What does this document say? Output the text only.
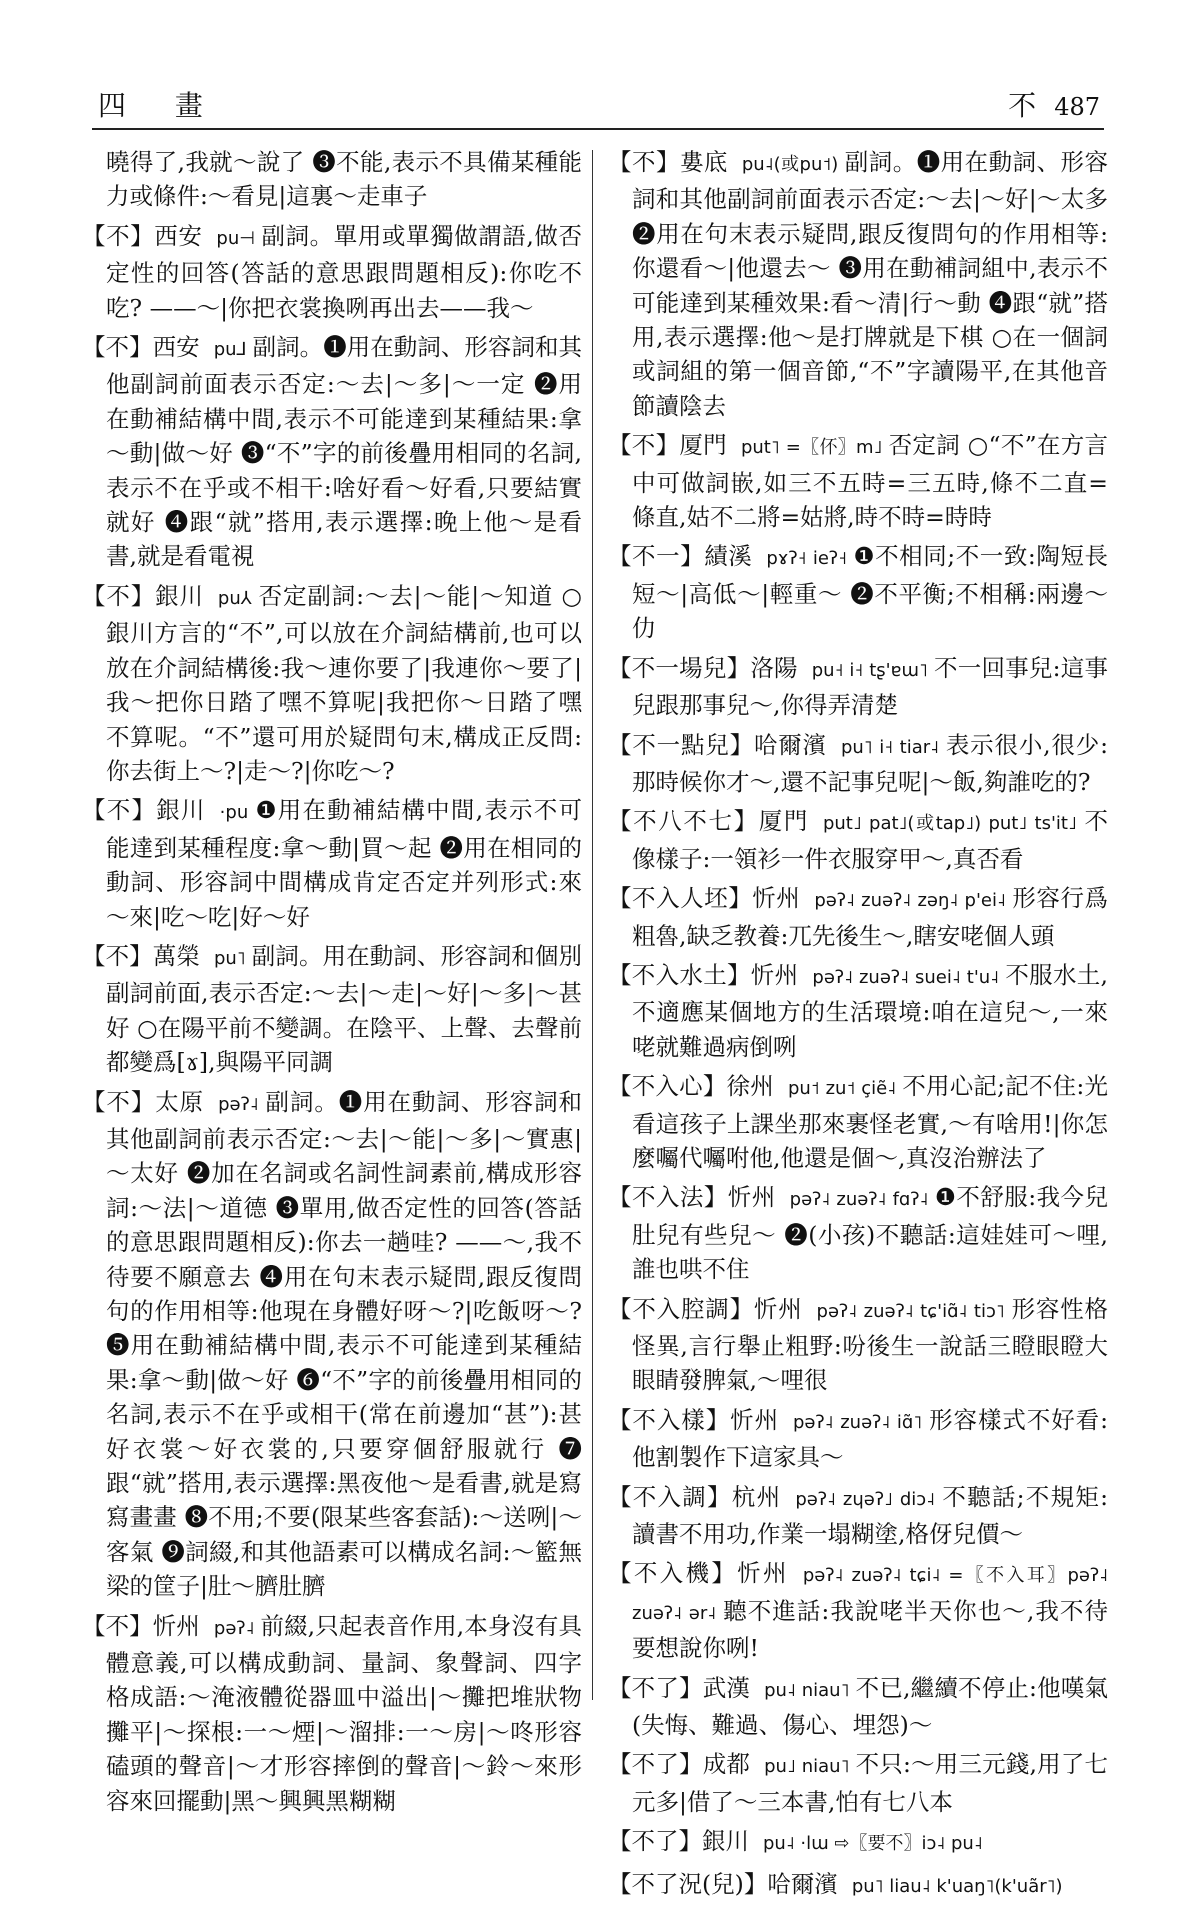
四 畫	不 487
曉得了,我就～說了 ❸不能,表示不具備某種能力或條件:～看見|這裏～走車子
【不】西安 pu⊣ 副詞。單用或單獨做謂語,做否定性的回答(答話的意思跟問題相反):你吃不吃? ——～|你把衣裳換咧再出去——我～
【不】西安 pu⅃ 副詞。❶用在動詞、形容詞和其他副詞前面表示否定:～去|～多|～一定 ❷用在動補結構中間,表示不可能達到某種結果:拿～動|做～好 ❸“不”字的前後疊用相同的名詞,表示不在乎或不相干:啥好看～好看,只要結實就好 ❹跟“就”搭用,表示選擇:晚上他～是看書,就是看電視
【不】銀川 pu⅄ 否定副詞:～去|～能|～知道 ○銀川方言的“不”,可以放在介詞結構前,也可以放在介詞結構後:我～連你要了|我連你～要了|我～把你日踏了嘿不算呢|我把你～日踏了嘿不算呢。“不”還可用於疑問句末,構成正反問:你去街上～?|走～?|你吃～?
【不】銀川 ·pu ❶用在動補結構中間,表示不可能達到某種程度:拿～動|買～起 ❷用在相同的動詞、形容詞中間構成肯定否定并列形式:來～來|吃～吃|好～好
【不】萬榮 pu˥ 副詞。用在動詞、形容詞和個別副詞前面,表示否定:～去|～走|～好|～多|～甚好 ○在陽平前不變調。在陰平、上聲、去聲前都變爲[ɤ],與陽平同調
【不】太原 pəʔ˨ 副詞。❶用在動詞、形容詞和其他副詞前表示否定:～去|～能|～多|～實惠|～太好 ❷加在名詞或名詞性詞素前,構成形容詞:～法|～道德 ❸單用,做否定性的回答(答話的意思跟問題相反):你去一趟哇? ——～,我不待要不願意去 ❹用在句末表示疑問,跟反復問句的作用相等:他現在身體好呀～?|吃飯呀～? ❺用在動補結構中間,表示不可能達到某種結果:拿～動|做～好 ❻“不”字的前後疊用相同的名詞,表示不在乎或相干(常在前邊加“甚”):甚好衣裳～好衣裳的,只要穿個舒服就行 ❼跟“就”搭用,表示選擇:黑夜他～是看書,就是寫寫畫畫 ❽不用;不要(限某些客套話):～送咧|～客氣 ❾詞綴,和其他語素可以構成名詞:～籃無梁的筐子|肚～臍肚臍
【不】忻州 pəʔ˨ 前綴,只起表音作用,本身沒有具體意義,可以構成動詞、量詞、象聲詞、四字格成語:～淹液體從器皿中溢出|～攤把堆狀物攤平|～探根:一～煙|～溜排:一～房|～咚形容磕頭的聲音|～才形容摔倒的聲音|～鈴～來形容來回擺動|黑～興興黑糊糊
【不】婁底 pu˨(或pu˦) 副詞。❶用在動詞、形容詞和其他副詞前面表示否定:～去|～好|～太多 ❷用在句末表示疑問,跟反復問句的作用相等:你還看～|他還去～ ❸用在動補詞組中,表示不可能達到某種效果:看～清|行～動 ❹跟“就”搭用,表示選擇:他～是打牌就是下棋 ○在一個詞或詞組的第一個音節,“不”字讀陽平,在其他音節讀陰去
【不】厦門 put˥ =〖伓〗m˩ 否定詞 ○“不”在方言中可做詞嵌,如三不五時=三五時,條不二直=條直,姑不二將=姑將,時不時=時時
【不一】績溪 pɤʔ˧ ieʔ˧ ❶不相同;不一致:陶短長短～|高低～|輕重～ ❷不平衡;不相稱:兩邊～仂
【不一場兒】洛陽 pu˧ i˧ tʂ'ɐɯ˥ 不一回事兒:這事兒跟那事兒～,你得弄清楚
【不一點兒】哈爾濱 pu˥ i˧ tiar˨ 表示很小,很少:那時候你才～,還不記事兒呢|～飯,夠誰吃的?
【不八不七】厦門 put˩ pat˩(或tap˩) put˩ ts'it˩ 不像樣子:一領衫一件衣服穿甲～,真否看
【不入人坯】忻州 pəʔ˨ zuəʔ˨ zəŋ˨ p'ei˨ 形容行爲粗魯,缺乏教養:兀先後生～,瞎安咾個人頭
【不入水土】忻州 pəʔ˨ zuəʔ˨ suei˨ t'u˨ 不服水土,不適應某個地方的生活環境:咱在這兒～,一來咾就難過病倒咧
【不入心】徐州 pu˦ zu˦ çiẽ˨ 不用心記;記不住:光看這孩子上課坐那來裹怪老實,～有啥用!|你怎麼囑代囑咐他,他還是個～,真沒治辦法了
【不入法】忻州 pəʔ˨ zuəʔ˨ fɑʔ˨ ❶不舒服:我今兒肚兒有些兒～ ❷(小孩)不聽話:這娃娃可～哩,誰也哄不住
【不入腔調】忻州 pəʔ˨ zuəʔ˨ tɕ'iɑ̃˨ tiɔ˥ 形容性格怪異,言行舉止粗野:吩後生一說話三瞪眼瞪大眼睛發脾氣,～哩很
【不入樣】忻州 pəʔ˨ zuəʔ˨ iɑ̃˥ 形容樣式不好看:他割製作下這家具～
【不入調】杭州 pəʔ˨ zɥəʔ˩ diɔ˨ 不聽話;不規矩:讀書不用功,作業一塌糊塗,格伢兒價～
【不入機】忻州 pəʔ˨ zuəʔ˨ tɕi˨ =〖不入耳〗pəʔ˨ zuəʔ˨ ər˨ 聽不進話:我說咾半天你也～,我不待要想說你咧!
【不了】武漢 pu˨ niau˥ 不已,繼續不停止:他嘆氣(失悔、難過、傷心、埋怨)～
【不了】成都 pu˩ niau˥ 不只:～用三元錢,用了七元多|借了～三本書,怕有七八本
【不了】銀川 pu˨ ·lɯ ⇨〖要不〗iɔ˨ pu˨
【不了況(兒)】哈爾濱 pu˥ liau˨ k'uaŋ˥(k'uãr˥)
